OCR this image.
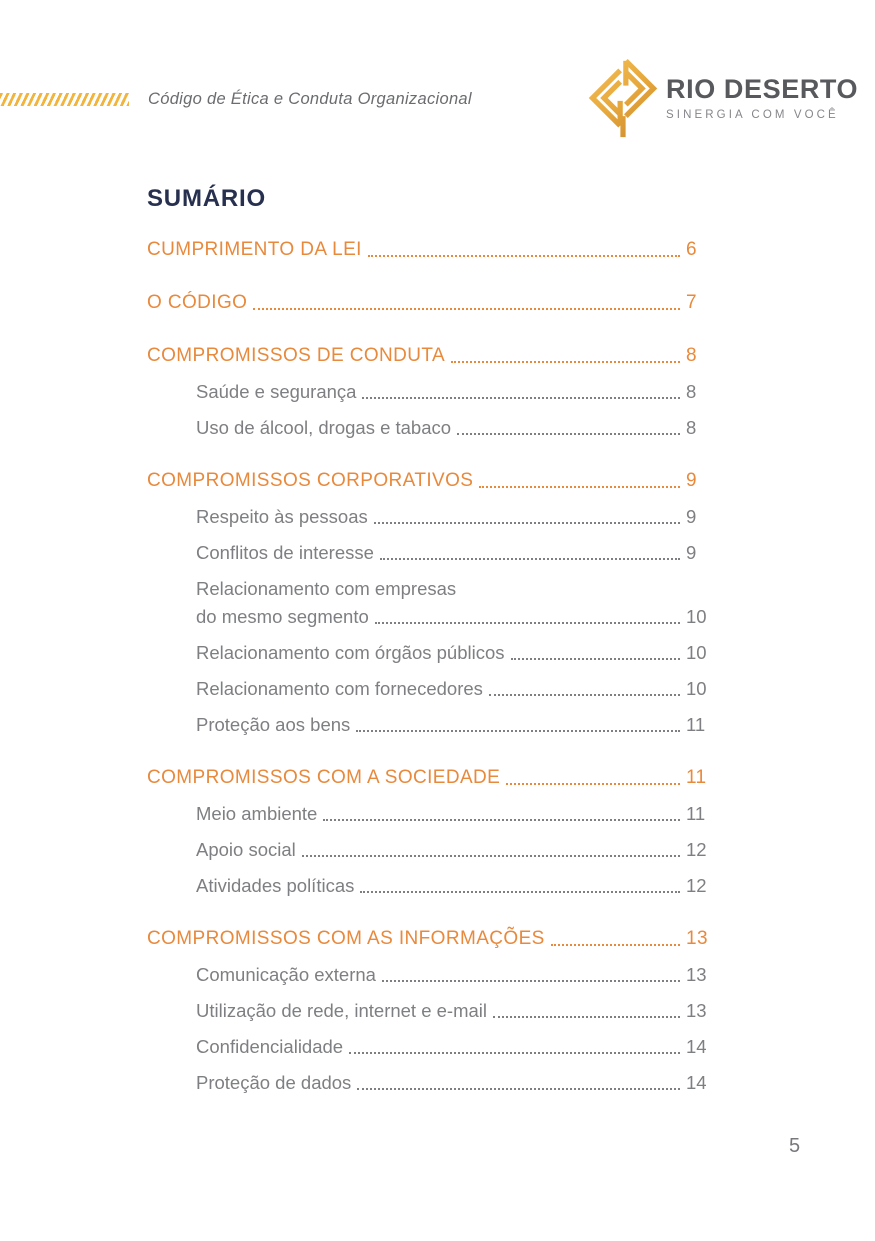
Código de Ética e Conduta Organizacional	RIO DESERTO
SINERGIA COM VOCÊ
SUMÁRIO
CUMPRIMENTO DA LEI	6
O CÓDIGO	7
COMPROMISSOS DE CONDUTA	8
Saúde e segurança	8
Uso de álcool, drogas e tabaco	8
COMPROMISSOS CORPORATIVOS	9
Respeito às pessoas	9
Conflitos de interesse	9
Relacionamento com empresas
do mesmo segmento	10
Relacionamento com órgãos públicos	10
Relacionamento com fornecedores	10
Proteção aos bens	11
COMPROMISSOS COM A SOCIEDADE	11
Meio ambiente	11
Apoio social	12
Atividades políticas	12
COMPROMISSOS COM AS INFORMAÇÕES	13
Comunicação externa	13
Utilização de rede, internet e e-mail	13
Confidencialidade	14
Proteção de dados	14
5
